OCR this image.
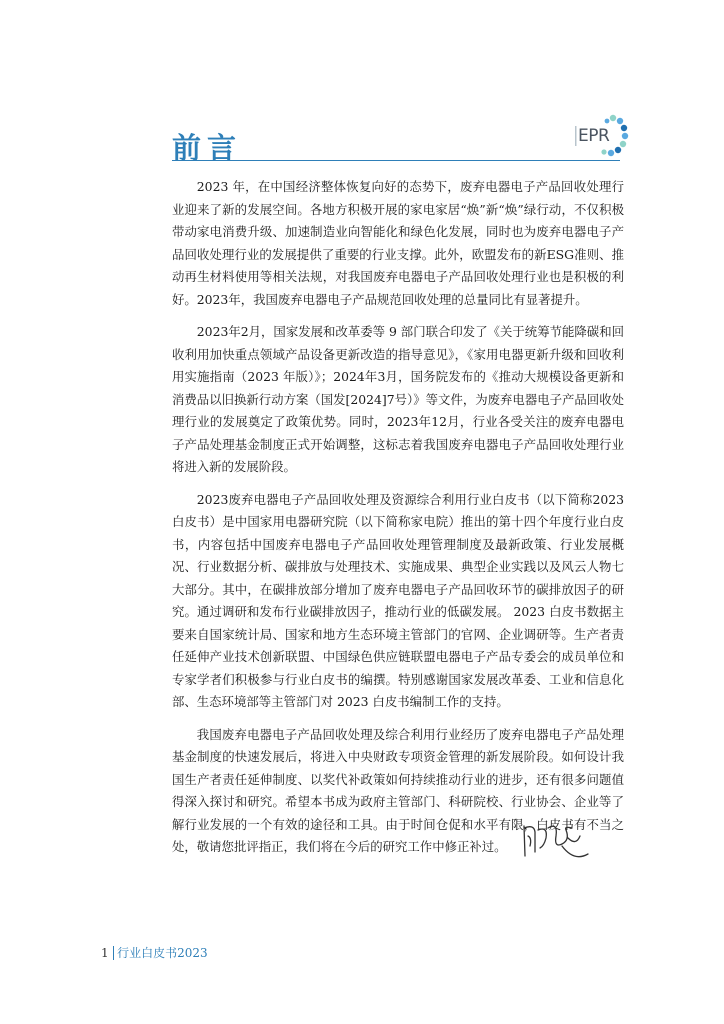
前言	EPR

2023 年，在中国经济整体恢复向好的态势下，废弃电器电子产品回收处理行业迎来了新的发展空间。各地方积极开展的家电家居“焕”新“焕”绿行动，不仅积极带动家电消费升级、加速制造业向智能化和绿色化发展，同时也为废弃电器电子产品回收处理行业的发展提供了重要的行业支撑。此外，欧盟发布的新ESG准则、推动再生材料使用等相关法规，对我国废弃电器电子产品回收处理行业也是积极的利好。2023年，我国废弃电器电子产品规范回收处理的总量同比有显著提升。

2023年2月，国家发展和改革委等 9 部门联合印发了《关于统筹节能降碳和回收利用加快重点领域产品设备更新改造的指导意见》，《家用电器更新升级和回收利用实施指南（2023 年版）》；2024年3月，国务院发布的《推动大规模设备更新和消费品以旧换新行动方案（国发[2024]7号）》等文件，为废弃电器电子产品回收处理行业的发展奠定了政策优势。同时，2023年12月，行业各受关注的废弃电器电子产品处理基金制度正式开始调整，这标志着我国废弃电器电子产品回收处理行业将进入新的发展阶段。

2023废弃电器电子产品回收处理及资源综合利用行业白皮书（以下简称2023 白皮书）是中国家用电器研究院（以下简称家电院）推出的第十四个年度行业白皮书，内容包括中国废弃电器电子产品回收处理管理制度及最新政策、行业发展概况、行业数据分析、碳排放与处理技术、实施成果、典型企业实践以及风云人物七大部分。其中，在碳排放部分增加了废弃电器电子产品回收环节的碳排放因子的研究。通过调研和发布行业碳排放因子，推动行业的低碳发展。 2023 白皮书数据主要来自国家统计局、国家和地方生态环境主管部门的官网、企业调研等。生产者责任延伸产业技术创新联盟、中国绿色供应链联盟电器电子产品专委会的成员单位和专家学者们积极参与行业白皮书的编撰。特别感谢国家发展改革委、工业和信息化部、生态环境部等主管部门对 2023 白皮书编制工作的支持。

我国废弃电器电子产品回收处理及综合利用行业经历了废弃电器电子产品处理基金制度的快速发展后，将进入中央财政专项资金管理的新发展阶段。如何设计我国生产者责任延伸制度、以奖代补政策如何持续推动行业的进步，还有很多问题值得深入探讨和研究。希望本书成为政府主管部门、科研院校、行业协会、企业等了解行业发展的一个有效的途径和工具。由于时间仓促和水平有限，白皮书有不当之处，敬请您批评指正，我们将在今后的研究工作中修正补过。

1 行业白皮书2023
